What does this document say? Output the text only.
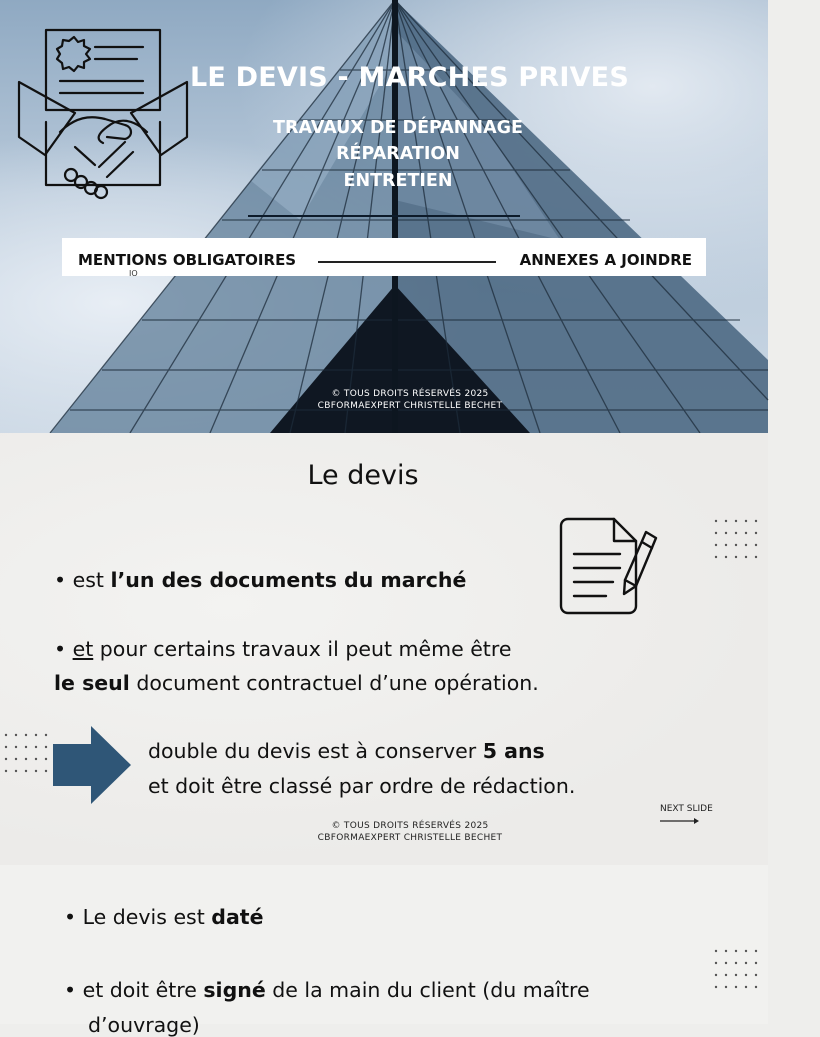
LE DEVIS - MARCHES PRIVES
TRAVAUX DE DÉPANNAGE
RÉPARATION
ENTRETIEN
MENTIONS OBLIGATOIRES	ANNEXES A JOINDRE
IO
© TOUS DROITS RÉSERVÉS 2025
CBFORMAEXPERT CHRISTELLE BECHET
Le devis
• est l’un des documents du marché
• et pour certains travaux il peut même être
le seul document contractuel d’une opération.
double du devis est à conserver 5 ans
et doit être classé par ordre de rédaction.
NEXT SLIDE
© TOUS DROITS RÉSERVÉS 2025
CBFORMAEXPERT CHRISTELLE BECHET
• Le devis est daté
• et doit être signé de la main du client (du maître
d’ouvrage)
